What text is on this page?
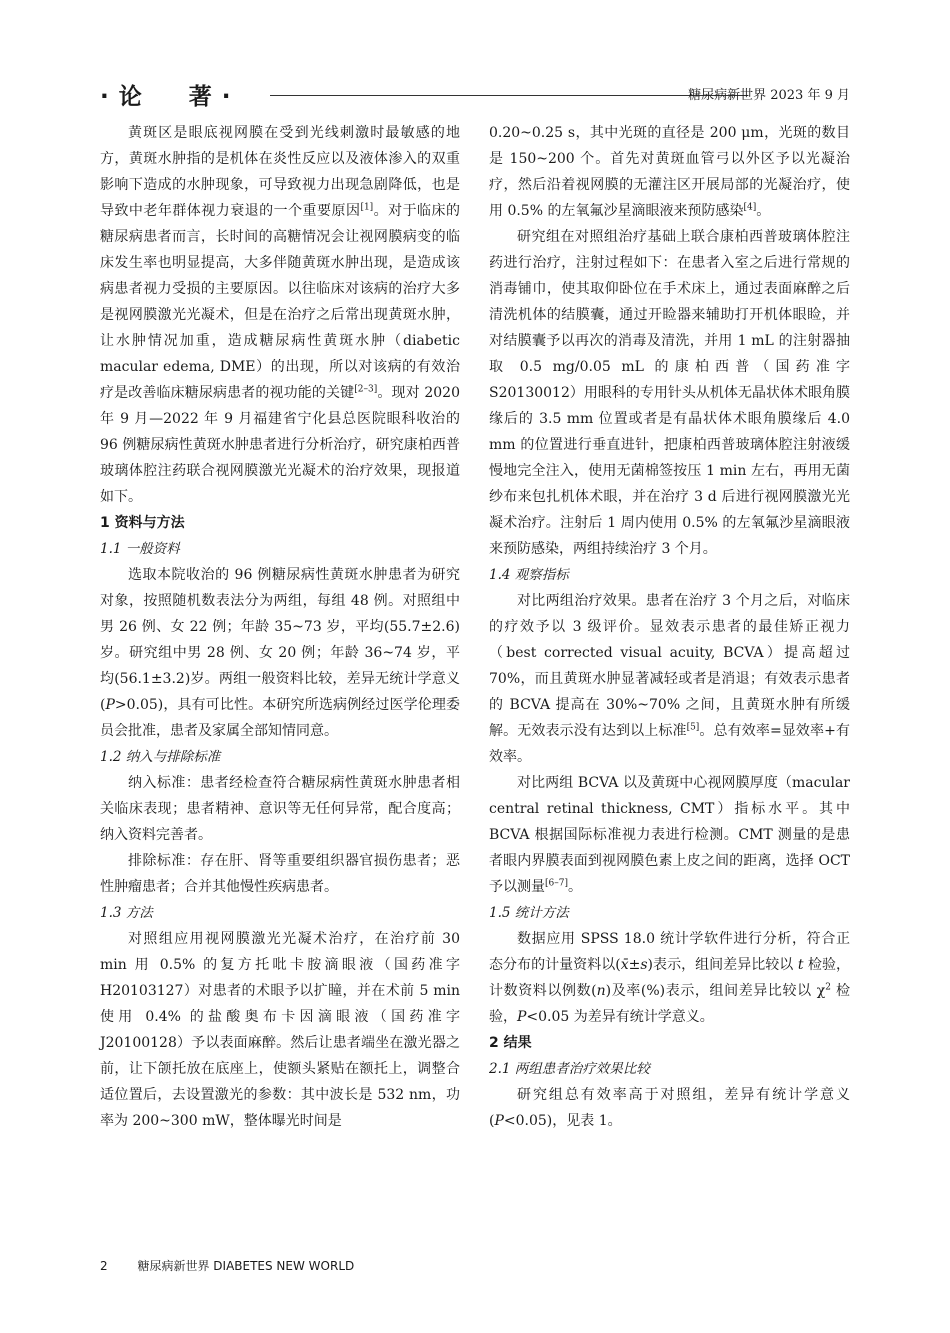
· 论 著 ·	糖尿病新世界 2023 年 9 月

黄斑区是眼底视网膜在受到光线刺激时最敏感的地方，黄斑水肿指的是机体在炎性反应以及液体渗入的双重影响下造成的水肿现象，可导致视力出现急剧降低，也是导致中老年群体视力衰退的一个重要原因[1]。对于临床的糖尿病患者而言，长时间的高糖情况会让视网膜病变的临床发生率也明显提高，大多伴随黄斑水肿出现，是造成该病患者视力受损的主要原因。以往临床对该病的治疗大多是视网膜激光光凝术，但是在治疗之后常出现黄斑水肿，让水肿情况加重，造成糖尿病性黄斑水肿（diabetic macular edema, DME）的出现，所以对该病的有效治疗是改善临床糖尿病患者的视功能的关键[2–3]。现对 2020 年 9 月—2022 年 9 月福建省宁化县总医院眼科收治的 96 例糖尿病性黄斑水肿患者进行分析治疗，研究康柏西普玻璃体腔注药联合视网膜激光光凝术的治疗效果，现报道如下。

1 资料与方法
1.1 一般资料

选取本院收治的 96 例糖尿病性黄斑水肿患者为研究对象，按照随机数表法分为两组，每组 48 例。对照组中男 26 例、女 22 例；年龄 35~73 岁，平均(55.7±2.6)岁。研究组中男 28 例、女 20 例；年龄 36~74 岁，平均(56.1±3.2)岁。两组一般资料比较，差异无统计学意义(P>0.05)，具有可比性。本研究所选病例经过医学伦理委员会批准，患者及家属全部知情同意。

1.2 纳入与排除标准

纳入标准：患者经检查符合糖尿病性黄斑水肿患者相关临床表现；患者精神、意识等无任何异常，配合度高；纳入资料完善者。

排除标准：存在肝、肾等重要组织器官损伤患者；恶性肿瘤患者；合并其他慢性疾病患者。

1.3 方法

对照组应用视网膜激光光凝术治疗，在治疗前 30 min 用 0.5% 的复方托吡卡胺滴眼液（国药准字 H20103127）对患者的术眼予以扩瞳，并在术前 5 min 使用 0.4% 的盐酸奥布卡因滴眼液（国药准字 J20100128）予以表面麻醉。然后让患者端坐在激光器之前，让下颌托放在底座上，使额头紧贴在额托上，调整合适位置后，去设置激光的参数：其中波长是 532 nm，功率为 200~300 mW，整体曝光时间是

0.20~0.25 s，其中光斑的直径是 200 μm，光斑的数目是 150~200 个。首先对黄斑血管弓以外区予以光凝治疗，然后沿着视网膜的无灌注区开展局部的光凝治疗，使用 0.5% 的左氧氟沙星滴眼液来预防感染[4]。

研究组在对照组治疗基础上联合康柏西普玻璃体腔注药进行治疗，注射过程如下：在患者入室之后进行常规的消毒铺巾，使其取仰卧位在手术床上，通过表面麻醉之后清洗机体的结膜囊，通过开睑器来辅助打开机体眼睑，并对结膜囊予以再次的消毒及清洗，并用 1 mL 的注射器抽取 0.5 mg/0.05 mL 的康柏西普（国药准字 S20130012）用眼科的专用针头从机体无晶状体术眼角膜缘后的 3.5 mm 位置或者是有晶状体术眼角膜缘后 4.0 mm 的位置进行垂直进针，把康柏西普玻璃体腔注射液缓慢地完全注入，使用无菌棉签按压 1 min 左右，再用无菌纱布来包扎机体术眼，并在治疗 3 d 后进行视网膜激光光凝术治疗。注射后 1 周内使用 0.5% 的左氧氟沙星滴眼液来预防感染，两组持续治疗 3 个月。

1.4 观察指标

对比两组治疗效果。患者在治疗 3 个月之后，对临床的疗效予以 3 级评价。显效表示患者的最佳矫正视力（best corrected visual acuity, BCVA）提高超过 70%，而且黄斑水肿显著减轻或者是消退；有效表示患者的 BCVA 提高在 30%~70% 之间，且黄斑水肿有所缓解。无效表示没有达到以上标准[5]。总有效率=显效率+有效率。

对比两组 BCVA 以及黄斑中心视网膜厚度（macular central retinal thickness, CMT）指标水平。其中 BCVA 根据国际标准视力表进行检测。CMT 测量的是患者眼内界膜表面到视网膜色素上皮之间的距离，选择 OCT 予以测量[6–7]。

1.5 统计方法

数据应用 SPSS 18.0 统计学软件进行分析，符合正态分布的计量资料以(x̄±s)表示，组间差异比较以 t 检验，计数资料以例数(n)及率(%)表示，组间差异比较以 $\chi^2$ 检验，P<0.05 为差异有统计学意义。

2 结果
2.1 两组患者治疗效果比较

研究组总有效率高于对照组，差异有统计学意义(P<0.05)，见表 1。

2 糖尿病新世界 DIABETES NEW WORLD
